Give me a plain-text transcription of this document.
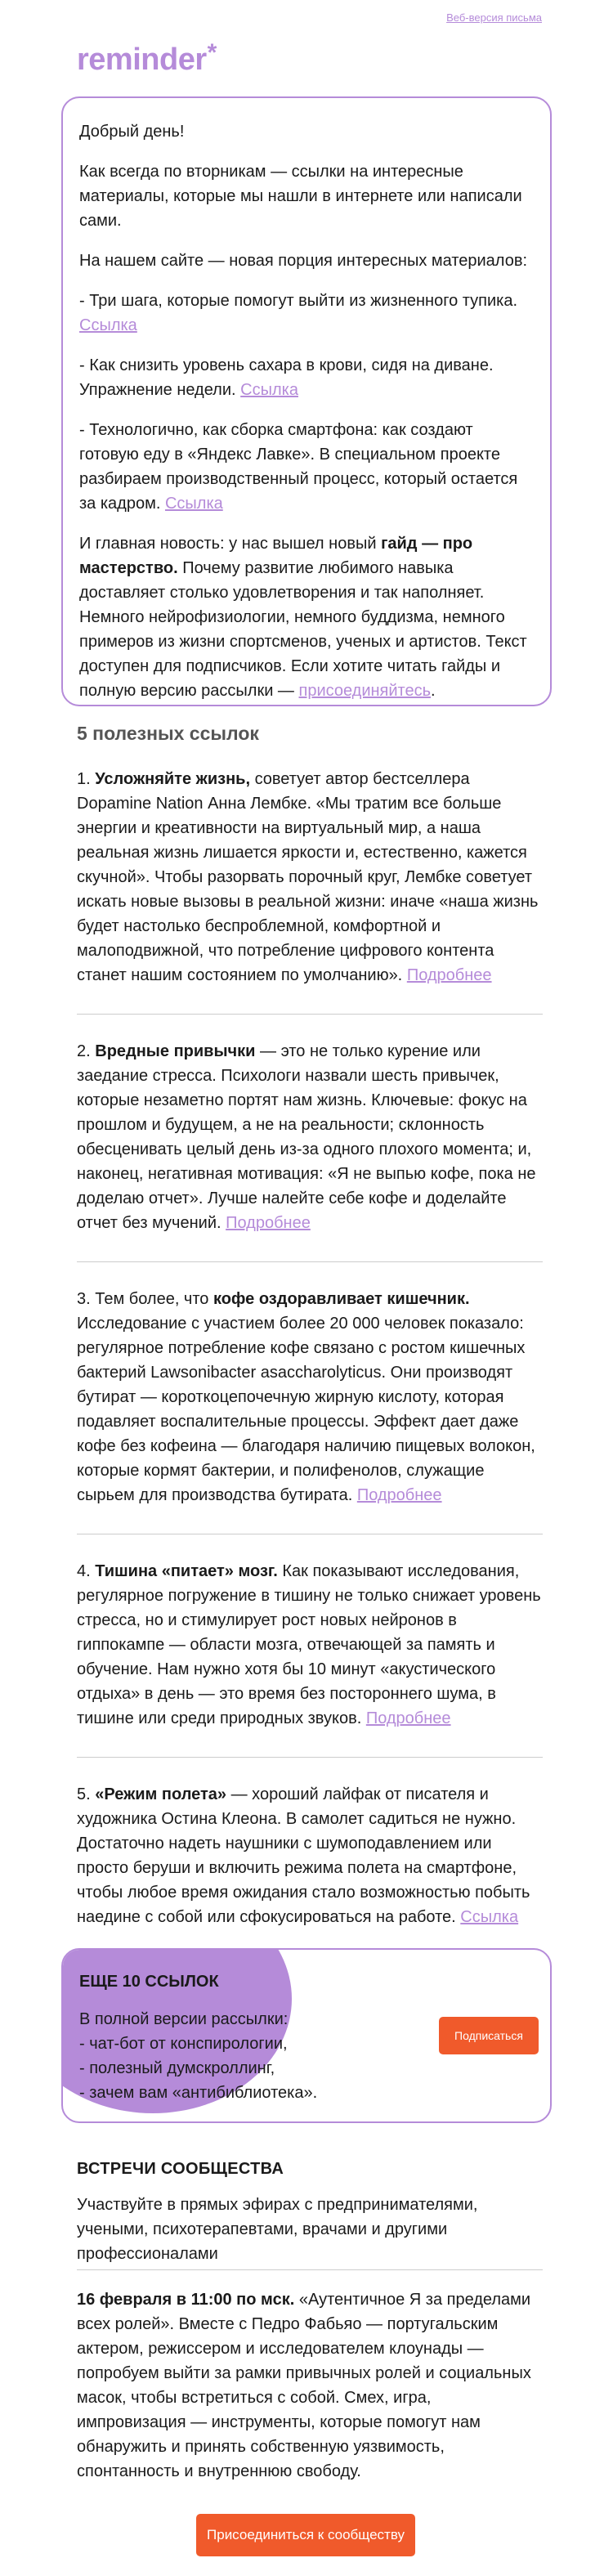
Веб-версия письма
reminder*

Добрый день!

Как всегда по вторникам — ссылки на интересные материалы, которые мы нашли в интернете или написали сами.

На нашем сайте — новая порция интересных материалов:

- Три шага, которые помогут выйти из жизненного тупика. Ссылка

- Как снизить уровень сахара в крови, сидя на диване. Упражнение недели. Ссылка

- Технологично, как сборка смартфона: как создают готовую еду в «Яндекс Лавке». В специальном проекте разбираем производственный процесс, который остается за кадром. Ссылка

И главная новость: у нас вышел новый гайд — про мастерство. Почему развитие любимого навыка доставляет столько удовлетворения и так наполняет. Немного нейрофизиологии, немного буддизма, немного примеров из жизни спортсменов, ученых и артистов. Текст доступен для подписчиков. Если хотите читать гайды и полную версию рассылки — присоединяйтесь.

5 полезных ссылок
1. Усложняйте жизнь, советует автор бестселлера Dopamine Nation Анна Лембке. «Мы тратим все больше энергии и креативности на виртуальный мир, а наша реальная жизнь лишается яркости и, естественно, кажется скучной». Чтобы разорвать порочный круг, Лембке советует искать новые вызовы в реальной жизни: иначе «наша жизнь будет настолько беспроблемной, комфортной и малоподвижной, что потребление цифрового контента станет нашим состоянием по умолчанию». Подробнее
2. Вредные привычки — это не только курение или заедание стресса. Психологи назвали шесть привычек, которые незаметно портят нам жизнь. Ключевые: фокус на прошлом и будущем, а не на реальности; склонность обесценивать целый день из-за одного плохого момента; и, наконец, негативная мотивация: «Я не выпью кофе, пока не доделаю отчет». Лучше налейте себе кофе и доделайте отчет без мучений. Подробнее
3. Тем более, что кофе оздоравливает кишечник. Исследование с участием более 20 000 человек показало: регулярное потребление кофе связано с ростом кишечных бактерий Lawsonibacter asaccharolyticus. Они производят бутират — короткоцепочечную жирную кислоту, которая подавляет воспалительные процессы. Эффект дает даже кофе без кофеина — благодаря наличию пищевых волокон, которые кормят бактерии, и полифенолов, служащие сырьем для производства бутирата. Подробнее
4. Тишина «питает» мозг. Как показывают исследования, регулярное погружение в тишину не только снижает уровень стресса, но и стимулирует рост новых нейронов в гиппокампе — области мозга, отвечающей за память и обучение. Нам нужно хотя бы 10 минут «акустического отдыха» в день — это время без постороннего шума, в тишине или среди природных звуков. Подробнее
5. «Режим полета» — хороший лайфак от писателя и художника Остина Клеона. В самолет садиться не нужно. Достаточно надеть наушники с шумоподавлением или просто беруши и включить режима полета на смартфоне, чтобы любое время ожидания стало возможностью побыть наедине с собой или сфокусироваться на работе. Ссылка
ЕЩЕ 10 ССЫЛОК
В полной версии рассылки:
- чат-бот от конспирологии,
- полезный думскроллинг,
- зачем вам «антибиблиотека».
Подписаться
ВСТРЕЧИ СООБЩЕСТВА
Участвуйте в прямых эфирах с предпринимателями, учеными, психотерапевтами, врачами и другими профессионалами
16 февраля в 11:00 по мск. «Аутентичное Я за пределами всех ролей». Вместе с Педро Фабьяо — португальским актером, режиссером и исследователем клоунады — попробуем выйти за рамки привычных ролей и социальных масок, чтобы встретиться с собой. Смех, игра, импровизация — инструменты, которые помогут нам обнаружить и принять собственную уязвимость, спонтанность и внутреннюю свободу.
Присоединиться к сообществу
